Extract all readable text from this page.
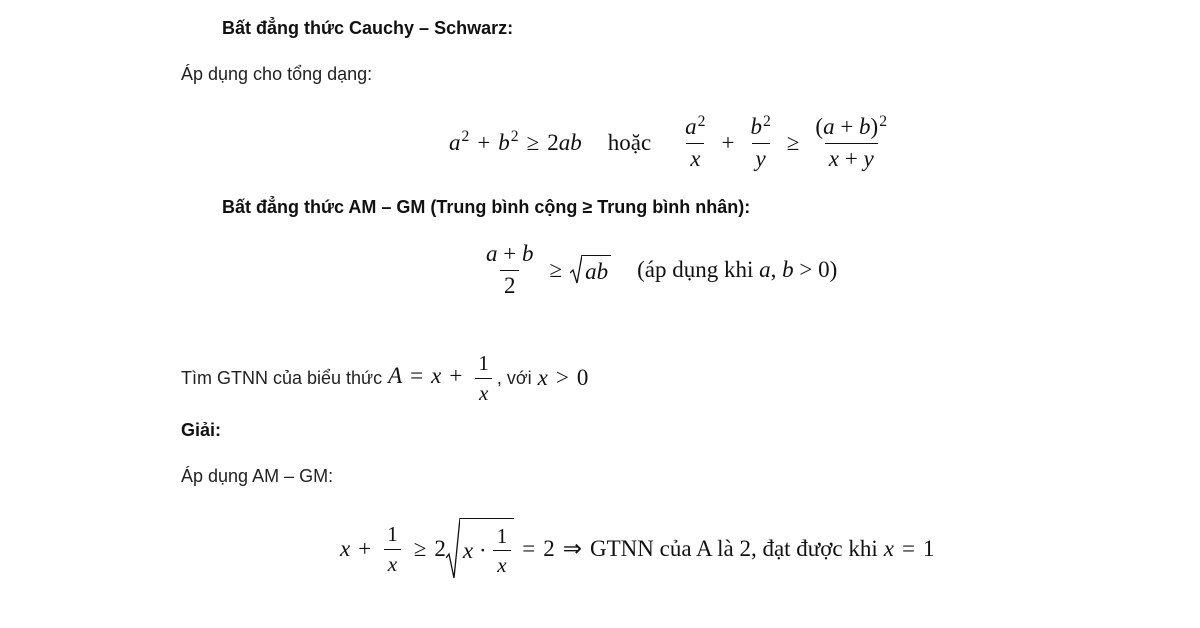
Bất đẳng thức Cauchy – Schwarz:
Áp dụng cho tổng dạng:
$a^2 + b^2 \ge 2ab$ hoặc $\frac{a^2}{x} + \frac{b^2}{y} \ge \frac{(a + b)^2}{x + y}$
Bất đẳng thức AM – GM (Trung bình cộng ≥ Trung bình nhân):
$\frac{a + b}{2}$ ≥ ab (áp dụng khi a, b > 0)
Tìm GTNN của biểu thức $A = x + \frac{1}{x}$ , với x > 0
Giải:
Áp dụng AM – GM:
$x + \frac{1}{x} \ge 2$ $x \cdot \frac{1}{x} = 2$ ⇒ GTNN của A là 2, đạt được khi x = 1
